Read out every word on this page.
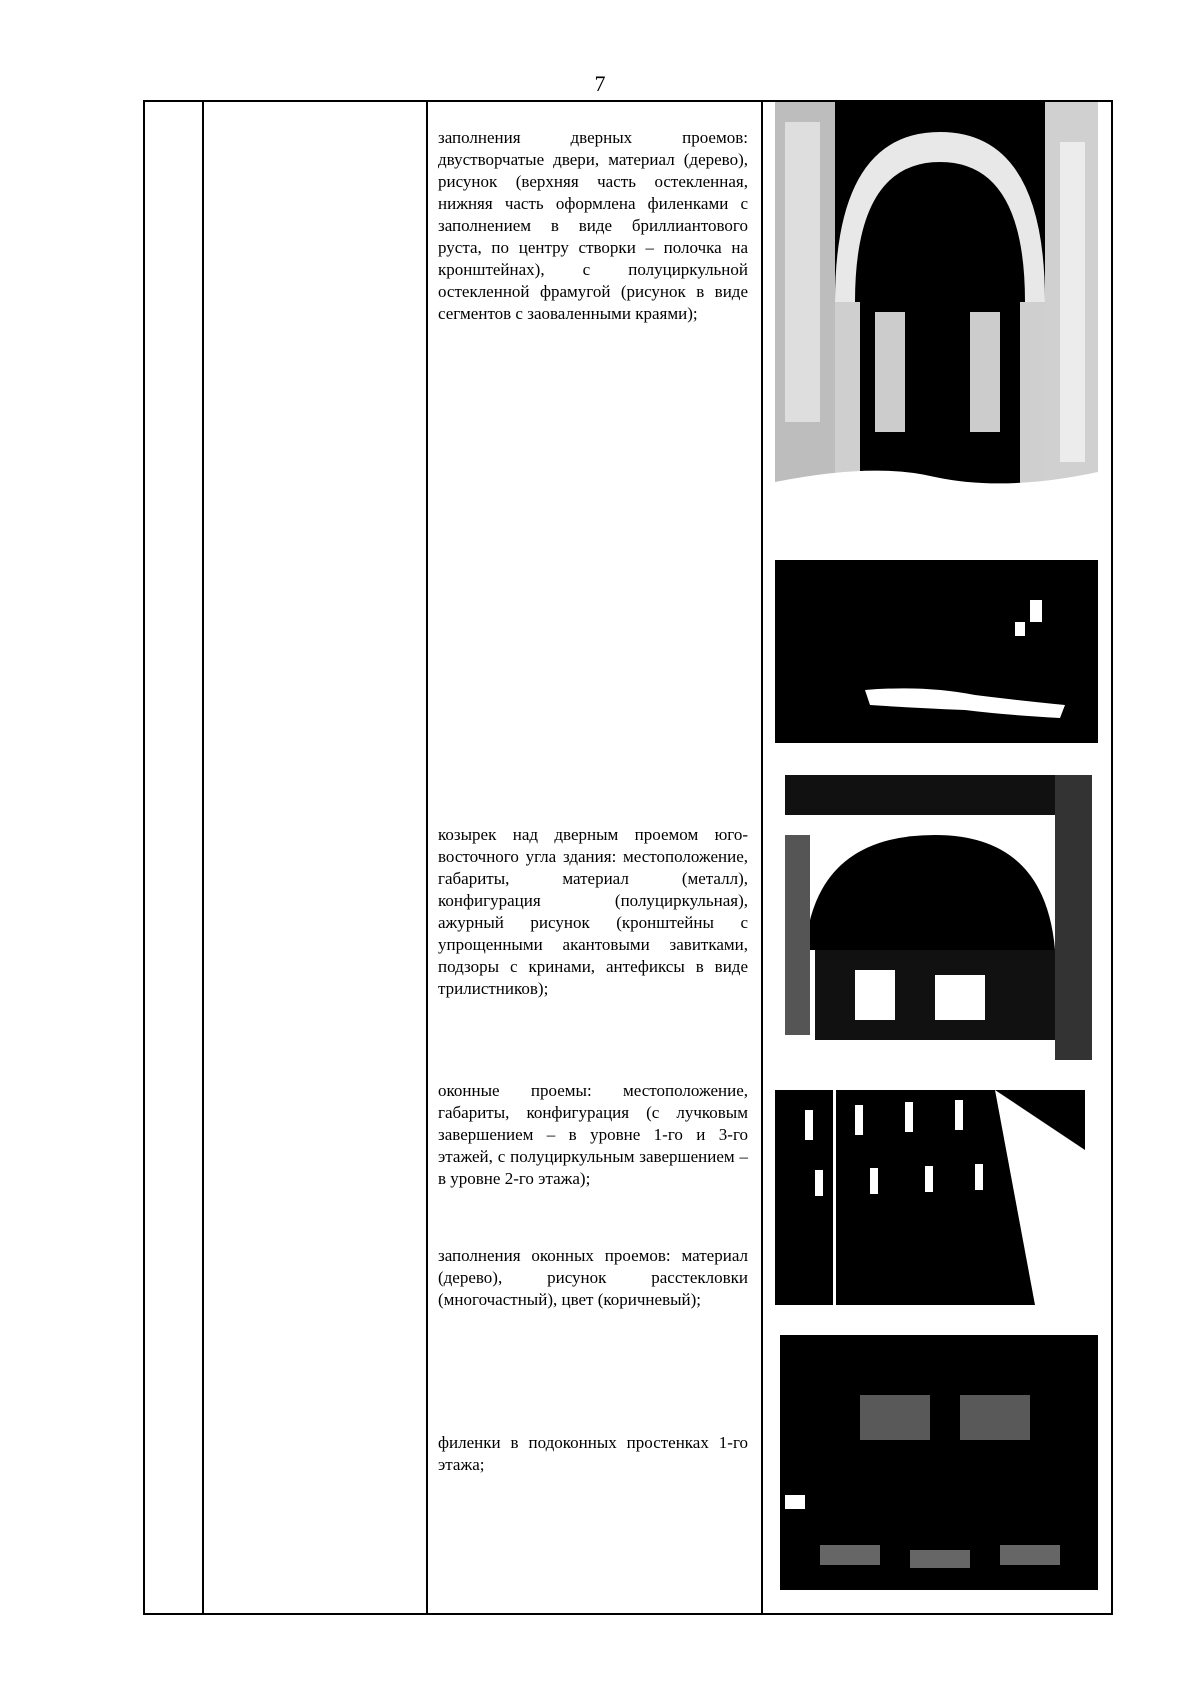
7
заполнения дверных проемов: двустворчатые двери, материал (дерево), рисунок (верхняя часть остекленная, нижняя часть оформлена филенками с заполнением в виде бриллиантового руста, по центру створки – полочка на кронштейнах), с полуциркульной остекленной фрамугой (рисунок в виде сегментов с заоваленными краями);
козырек над дверным проемом юго-восточного угла здания: местоположение, габариты, материал (металл), конфигурация (полуциркульная), ажурный рисунок (кронштейны с упрощенными акантовыми завитками, подзоры с кринами, антефиксы в виде трилистников);
оконные проемы: местоположение, габариты, конфигурация (с лучковым завершением – в уровне 1-го и 3-го этажей, с полуциркульным завершением – в уровне 2-го этажа);
заполнения оконных проемов: материал (дерево), рисунок расстекловки (многочастный), цвет (коричневый);
филенки в подоконных простенках 1-го этажа;
